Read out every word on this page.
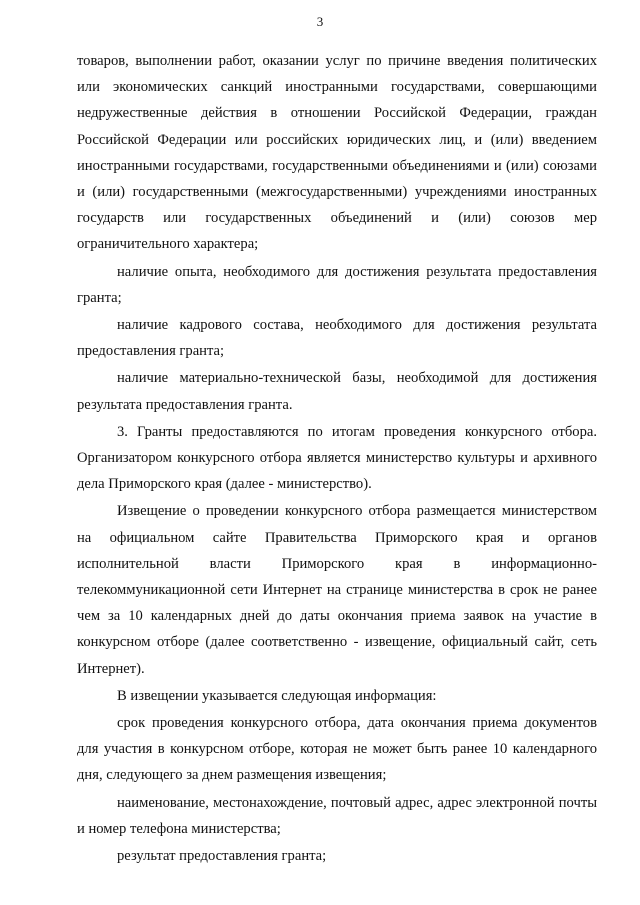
3

товаров, выполнении работ, оказании услуг по причине введения политических или экономических санкций иностранными государствами, совершающими недружественные действия в отношении Российской Федерации, граждан Российской Федерации или российских юридических лиц, и (или) введением иностранными государствами, государственными объединениями и (или) союзами и (или) государственными (межгосударственными) учреждениями иностранных государств или государственных объединений и (или) союзов мер ограничительного характера;

наличие опыта, необходимого для достижения результата предоставления гранта;

наличие кадрового состава, необходимого для достижения результата предоставления гранта;

наличие материально-технической базы, необходимой для достижения результата предоставления гранта.

3. Гранты предоставляются по итогам проведения конкурсного отбора. Организатором конкурсного отбора является министерство культуры и архивного дела Приморского края (далее - министерство).

Извещение о проведении конкурсного отбора размещается министерством на официальном сайте Правительства Приморского края и органов исполнительной власти Приморского края в информационно-телекоммуникационной сети Интернет на странице министерства в срок не ранее чем за 10 календарных дней до даты окончания приема заявок на участие в конкурсном отборе (далее соответственно - извещение, официальный сайт, сеть Интернет).

В извещении указывается следующая информация:

срок проведения конкурсного отбора, дата окончания приема документов для участия в конкурсном отборе, которая не может быть ранее 10 календарного дня, следующего за днем размещения извещения;

наименование, местонахождение, почтовый адрес, адрес электронной почты и номер телефона министерства;

результат предоставления гранта;
